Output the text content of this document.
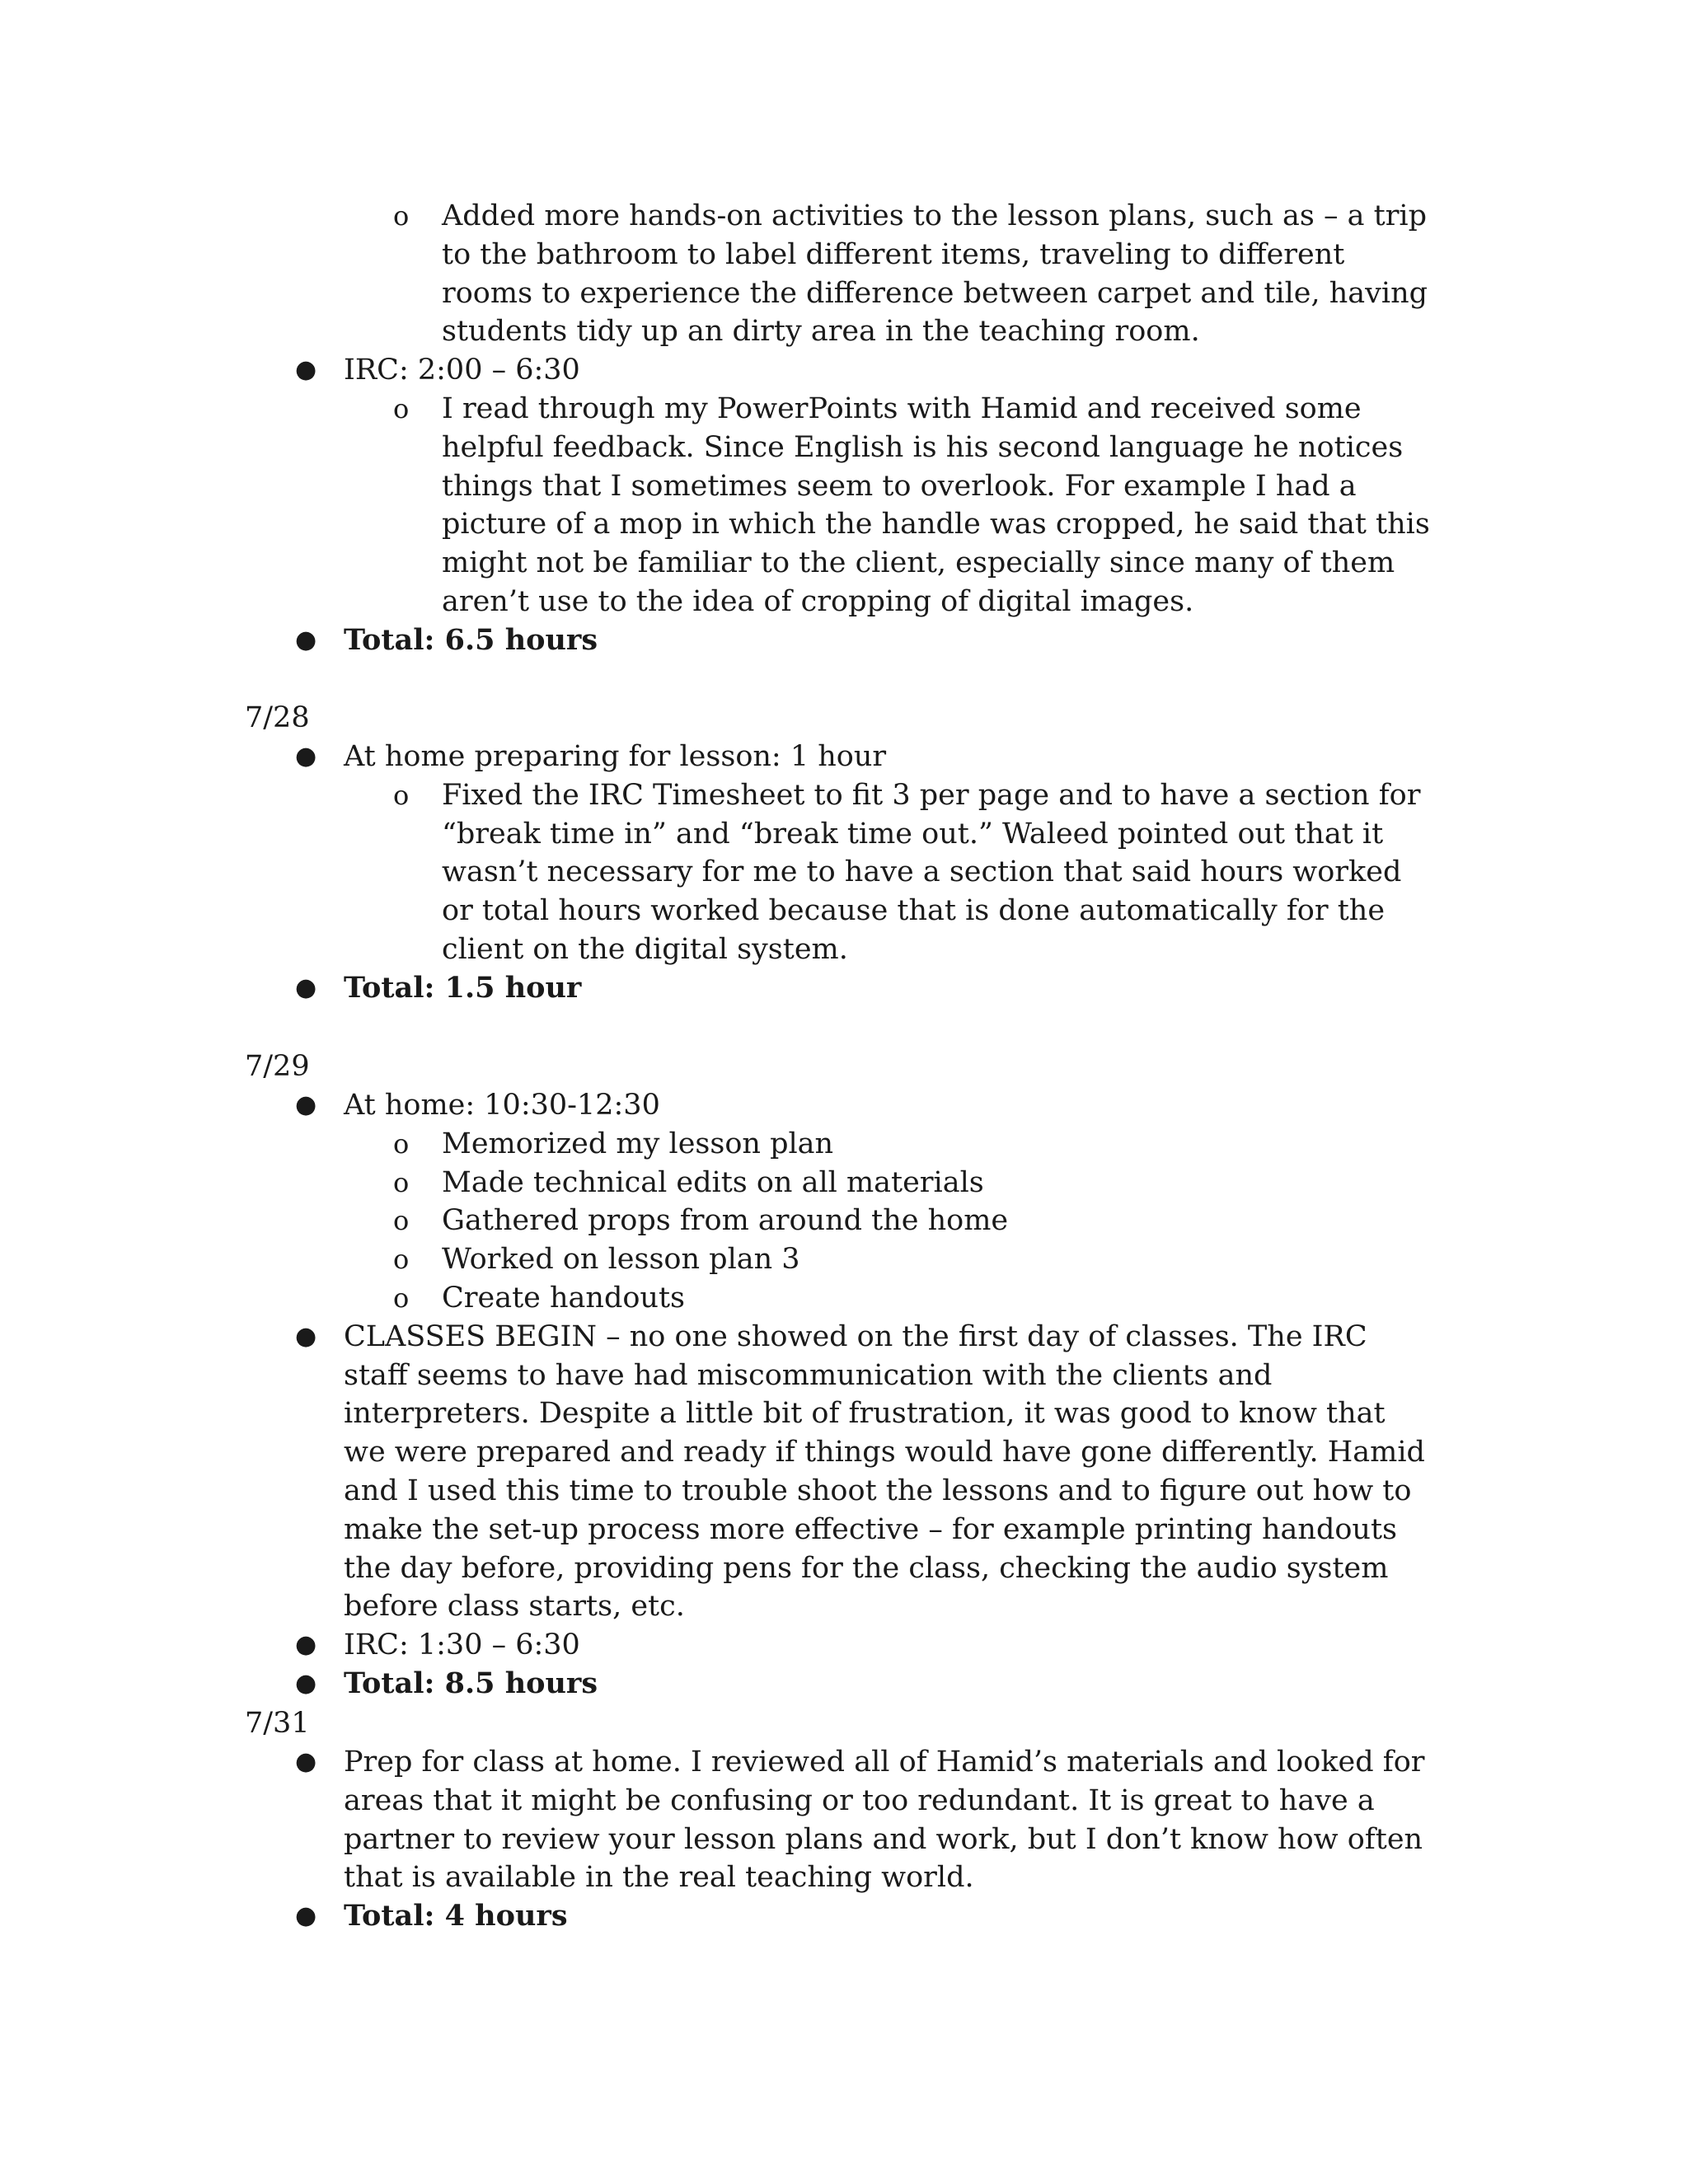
o Added more hands-on activities to the lesson plans, such as – a trip to the bathroom to label different items, traveling to different rooms to experience the difference between carpet and tile, having students tidy up an dirty area in the teaching room.

● IRC: 2:00 – 6:30

o I read through my PowerPoints with Hamid and received some helpful feedback. Since English is his second language he notices things that I sometimes seem to overlook. For example I had a picture of a mop in which the handle was cropped, he said that this might not be familiar to the client, especially since many of them aren’t use to the idea of cropping of digital images.

● Total: 6.5 hours

7/28

● At home preparing for lesson: 1 hour

o Fixed the IRC Timesheet to fit 3 per page and to have a section for “break time in” and “break time out.” Waleed pointed out that it wasn’t necessary for me to have a section that said hours worked or total hours worked because that is done automatically for the client on the digital system.

● Total: 1.5 hour

7/29

● At home: 10:30-12:30

o Memorized my lesson plan

o Made technical edits on all materials

o Gathered props from around the home

o Worked on lesson plan 3

o Create handouts

● CLASSES BEGIN – no one showed on the first day of classes. The IRC staff seems to have had miscommunication with the clients and interpreters. Despite a little bit of frustration, it was good to know that we were prepared and ready if things would have gone differently. Hamid and I used this time to trouble shoot the lessons and to figure out how to make the set-up process more effective – for example printing handouts the day before, providing pens for the class, checking the audio system before class starts, etc.

● IRC: 1:30 – 6:30

● Total: 8.5 hours

7/31

● Prep for class at home. I reviewed all of Hamid’s materials and looked for areas that it might be confusing or too redundant. It is great to have a partner to review your lesson plans and work, but I don’t know how often that is available in the real teaching world.

● Total: 4 hours
